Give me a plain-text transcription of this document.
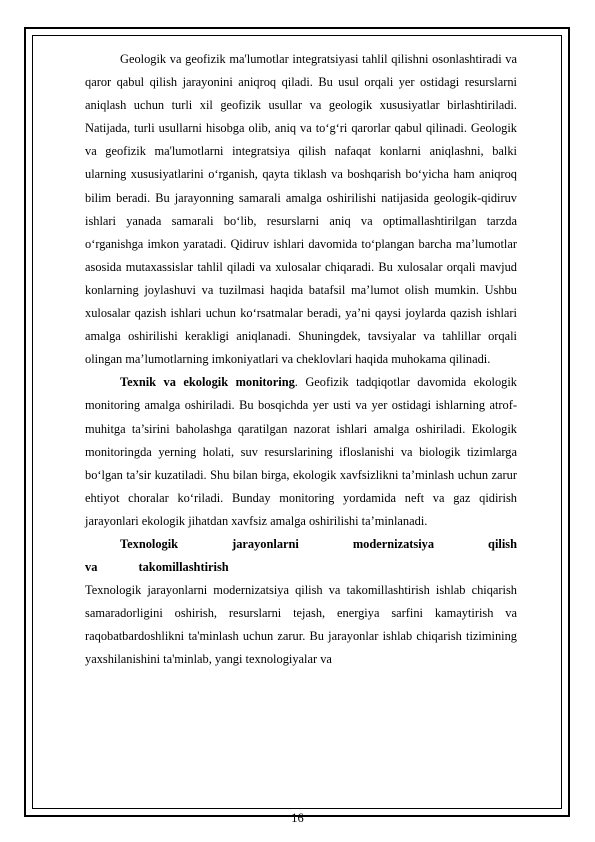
Geologik va geofizik ma'lumotlar integratsiyasi tahlil qilishni osonlashtiradi va qaror qabul qilish jarayonini aniqroq qiladi. Bu usul orqali yer ostidagi resurslarni aniqlash uchun turli xil geofizik usullar va geologik xususiyatlar birlashtiriladi. Natijada, turli usullarni hisobga olib, aniq va to‘g‘ri qarorlar qabul qilinadi. Geologik va geofizik ma'lumotlarni integratsiya qilish nafaqat konlarni aniqlashni, balki ularning xususiyatlarini o‘rganish, qayta tiklash va boshqarish bo‘yicha ham aniqroq bilim beradi. Bu jarayonning samarali amalga oshirilishi natijasida geologik-qidiruv ishlari yanada samarali bo‘lib, resurslarni aniq va optimallashtirilgan tarzda o‘rganishga imkon yaratadi. Qidiruv ishlari davomida to‘plangan barcha ma’lumotlar asosida mutaxassislar tahlil qiladi va xulosalar chiqaradi. Bu xulosalar orqali mavjud konlarning joylashuvi va tuzilmasi haqida batafsil ma’lumot olish mumkin. Ushbu xulosalar qazish ishlari uchun ko‘rsatmalar beradi, ya’ni qaysi joylarda qazish ishlari amalga oshirilishi kerakligi aniqlanadi. Shuningdek, tavsiyalar va tahlillar orqali olingan ma’lumotlarning imkoniyatlari va cheklovlari haqida muhokama qilinadi.

Texnik va ekologik monitoring. Geofizik tadqiqotlar davomida ekologik monitoring amalga oshiriladi. Bu bosqichda yer usti va yer ostidagi ishlarning atrof-muhitga ta’sirini baholashga qaratilgan nazorat ishlari amalga oshiriladi. Ekologik monitoringda yerning holati, suv resurslarining ifloslanishi va biologik tizimlarga bo‘lgan ta’sir kuzatiladi. Shu bilan birga, ekologik xavfsizlikni ta’minlash uchun zarur ehtiyot choralar ko‘riladi. Bunday monitoring yordamida neft va gaz qidirish jarayonlari ekologik jihatdan xavfsiz amalga oshirilishi ta’minlanadi.

Texnologik jarayonlarni modernizatsiya qilish va takomillashtirish

Texnologik jarayonlarni modernizatsiya qilish va takomillashtirish ishlab chiqarish samaradorligini oshirish, resurslarni tejash, energiya sarfini kamaytirish va raqobatbardoshlikni ta'minlash uchun zarur. Bu jarayonlar ishlab chiqarish tizimining yaxshilanishini ta'minlab, yangi texnologiyalar va

16
